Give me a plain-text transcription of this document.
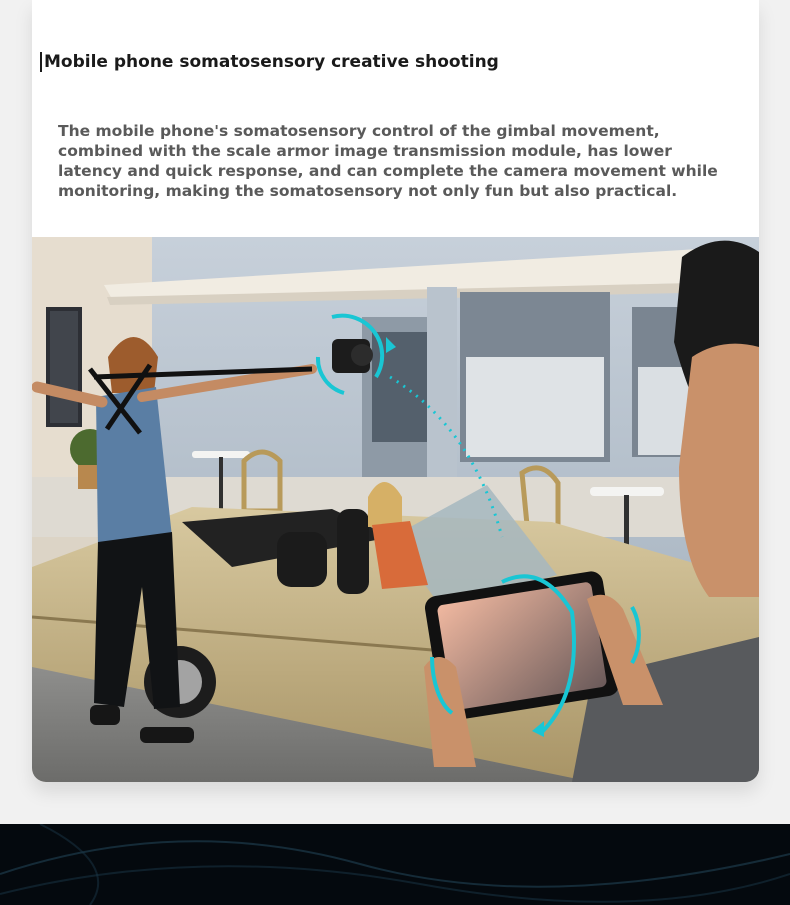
Mobile phone somatosensory creative shooting
The mobile phone's somatosensory control of the gimbal movement, combined with the scale armor image transmission module, has lower latency and quick response, and can complete the camera movement while monitoring, making the somatosensory not only fun but also practical.
